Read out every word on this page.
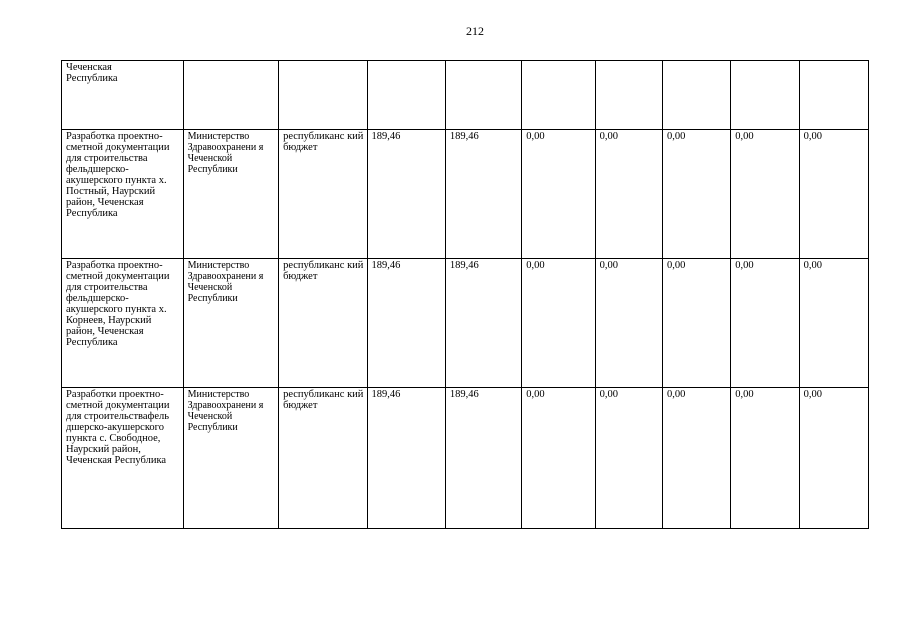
212
Чеченская
Республика									
Разработка проектно-сметной документации для строительства фельдшерско-акушерского пункта х. Постный, Наурский район, Чеченская Республика	Министерство Здравоохранени я Чеченской Республики	республиканс кий бюджет	189,46	189,46	0,00	0,00	0,00	0,00	0,00
Разработка проектно-сметной документации для строительства фельдшерско-акушерского пункта х. Корнеев, Наурский район, Чеченская Республика	Министерство Здравоохранени я Чеченской Республики	республиканс кий бюджет	189,46	189,46	0,00	0,00	0,00	0,00	0,00
Разработки проектно-сметной документации для строительствафель дшерско-акушерского пункта с. Свободное, Наурский район, Чеченская Республика	Министерство Здравоохранени я Чеченской Республики	республиканс кий бюджет	189,46	189,46	0,00	0,00	0,00	0,00	0,00
